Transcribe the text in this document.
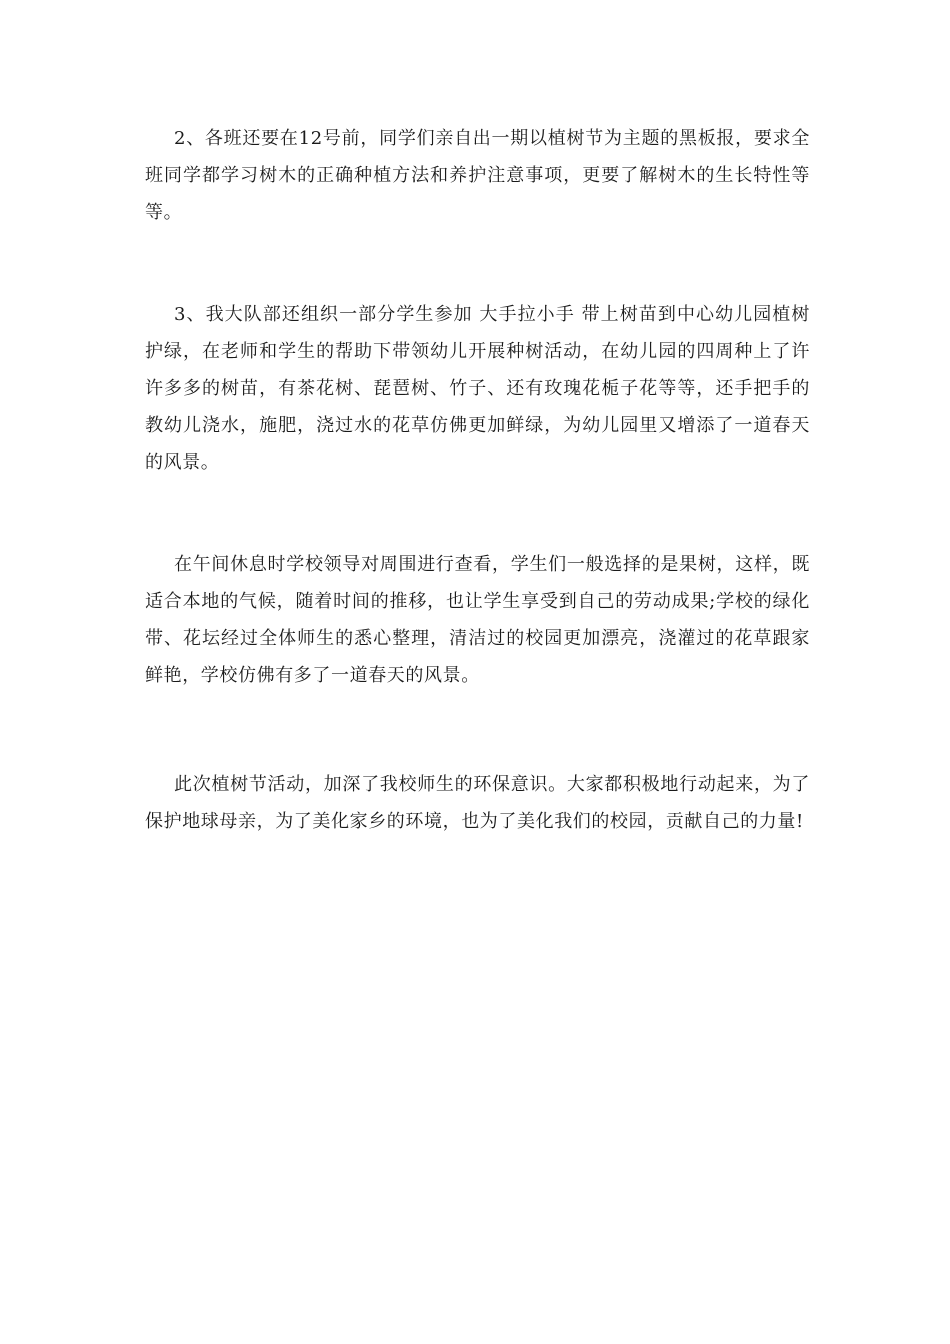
2、各班还要在12号前，同学们亲自出一期以植树节为主题的黑板报，要求全班同学都学习树木的正确种植方法和养护注意事项，更要了解树木的生长特性等等。

3、我大队部还组织一部分学生参加 大手拉小手 带上树苗到中心幼儿园植树护绿，在老师和学生的帮助下带领幼儿开展种树活动，在幼儿园的四周种上了许许多多的树苗，有茶花树、琵琶树、竹子、还有玫瑰花栀子花等等，还手把手的教幼儿浇水，施肥，浇过水的花草仿佛更加鲜绿，为幼儿园里又增添了一道春天的风景。

在午间休息时学校领导对周围进行查看，学生们一般选择的是果树，这样，既适合本地的气候，随着时间的推移，也让学生享受到自己的劳动成果;学校的绿化带、花坛经过全体师生的悉心整理，清洁过的校园更加漂亮，浇灌过的花草跟家鲜艳，学校仿佛有多了一道春天的风景。

此次植树节活动，加深了我校师生的环保意识。大家都积极地行动起来，为了保护地球母亲，为了美化家乡的环境，也为了美化我们的校园，贡献自己的力量!
